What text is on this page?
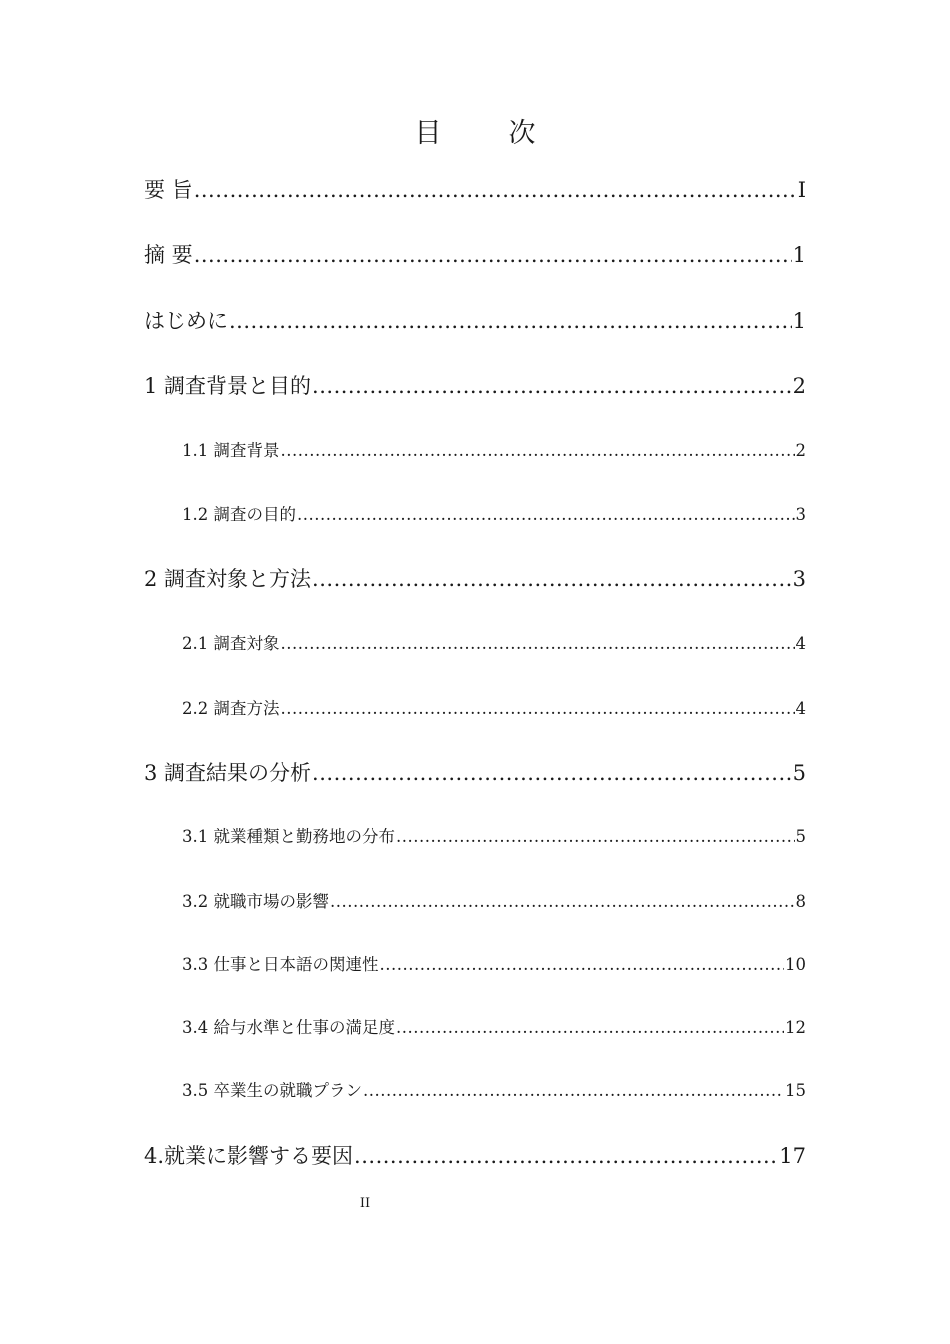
目　次
要 旨 .....	I
摘 要 .....	1
はじめに .....	1
1 調査背景と目的 .....	2
1.1 調査背景 .....	2
1.2 調査の目的 .....	3
2 調査対象と方法 .....	3
2.1 調査対象 .....	4
2.2 調査方法 .....	4
3 調査結果の分析 .....	5
3.1 就業種類と勤務地の分布 .....	5
3.2 就職市場の影響 .....	8
3.3 仕事と日本語の関連性 .....	10
3.4 給与水準と仕事の満足度 .....	12
3.5 卒業生の就職プラン .....	15
4.就業に影響する要因 .....	17
II
